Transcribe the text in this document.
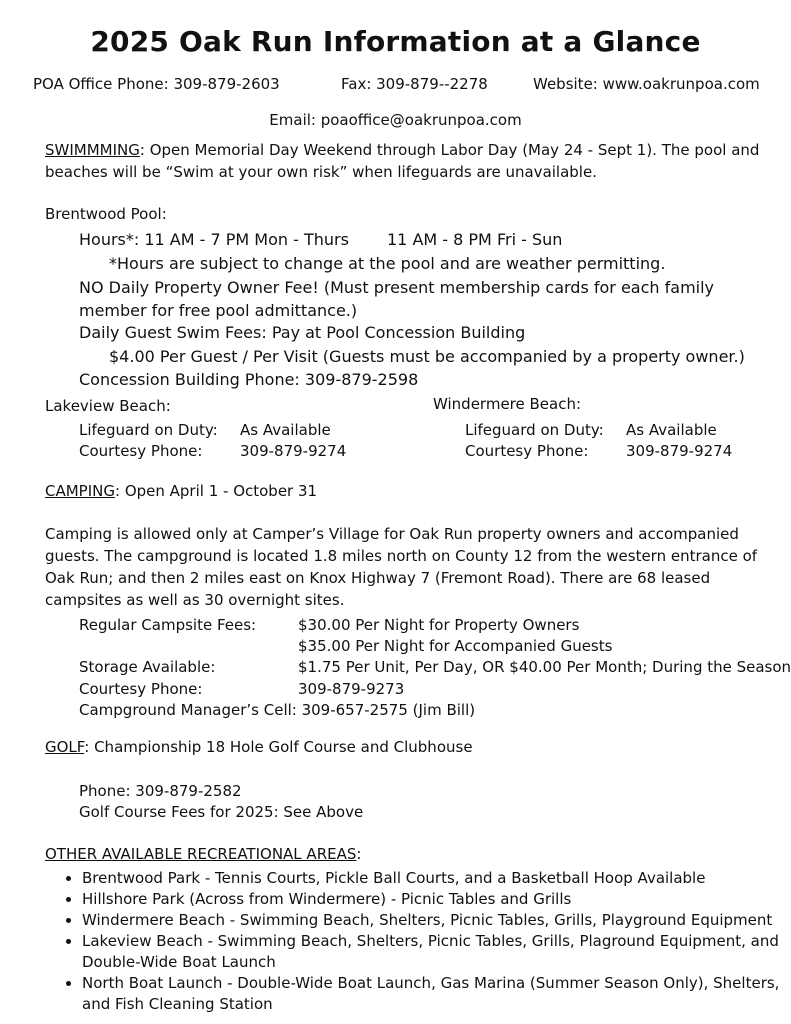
2025 Oak Run Information at a Glance
POA Office Phone: 309-879-2603	Fax: 309-879--2278	Website: www.oakrunpoa.com
Email: poaoffice@oakrunpoa.com
SWIMMMING: Open Memorial Day Weekend through Labor Day (May 24 - Sept 1). The pool and beaches will be “Swim at your own risk” when lifeguards are unavailable.
Brentwood Pool:
Hours*: 11 AM - 7 PM Mon - Thurs 11 AM - 8 PM Fri - Sun
*Hours are subject to change at the pool and are weather permitting.
NO Daily Property Owner Fee! (Must present membership cards for each family member for free pool admittance.)
Daily Guest Swim Fees: Pay at Pool Concession Building
$4.00 Per Guest / Per Visit (Guests must be accompanied by a property owner.)
Concession Building Phone: 309-879-2598
Lakeview Beach:
Lifeguard on Duty: As Available
Courtesy Phone:	309-879-9274
Windermere Beach:
Lifeguard on Duty: As Available
Courtesy Phone:	309-879-9274
CAMPING: Open April 1 - October 31
Camping is allowed only at Camper’s Village for Oak Run property owners and accompanied guests. The campground is located 1.8 miles north on County 12 from the western entrance of Oak Run; and then 2 miles east on Knox Highway 7 (Fremont Road). There are 68 leased campsites as well as 30 overnight sites.
Regular Campsite Fees:	$30.00 Per Night for Property Owners
$35.00 Per Night for Accompanied Guests
Storage Available:	$1.75 Per Unit, Per Day, OR $40.00 Per Month; During the Season
Courtesy Phone:	309-879-9273
Campground Manager’s Cell: 309-657-2575 (Jim Bill)
GOLF: Championship 18 Hole Golf Course and Clubhouse
Phone: 309-879-2582
Golf Course Fees for 2025: See Above
OTHER AVAILABLE RECREATIONAL AREAS:
• Brentwood Park - Tennis Courts, Pickle Ball Courts, and a Basketball Hoop Available
• Hillshore Park (Across from Windermere) - Picnic Tables and Grills
• Windermere Beach - Swimming Beach, Shelters, Picnic Tables, Grills, Playground Equipment
• Lakeview Beach - Swimming Beach, Shelters, Picnic Tables, Grills, Plaground Equipment, and Double-Wide Boat Launch
• North Boat Launch - Double-Wide Boat Launch, Gas Marina (Summer Season Only), Shelters, and Fish Cleaning Station
